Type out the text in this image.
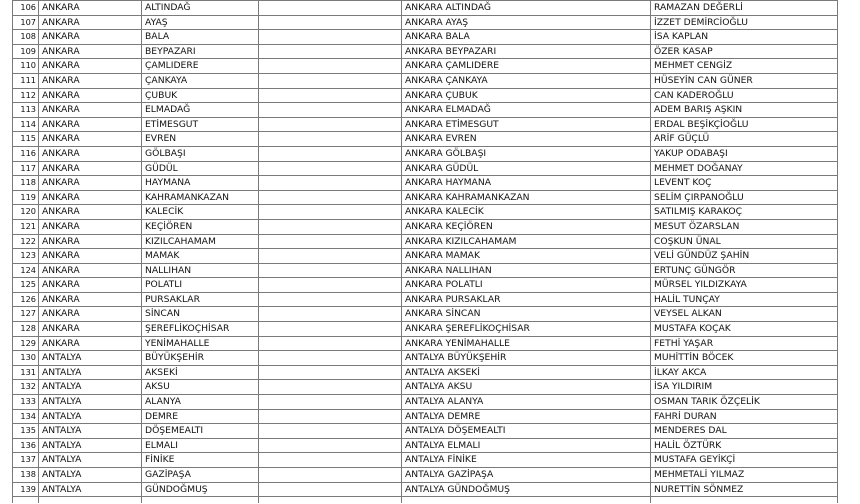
106	ANKARA	ALTINDAĞ		ANKARA ALTINDAĞ	RAMAZAN DEĞERLİ
107	ANKARA	AYAŞ		ANKARA AYAŞ	İZZET DEMİRCİOĞLU
108	ANKARA	BALA		ANKARA BALA	İSA KAPLAN
109	ANKARA	BEYPAZARI		ANKARA BEYPAZARI	ÖZER KASAP
110	ANKARA	ÇAMLIDERE		ANKARA ÇAMLIDERE	MEHMET CENGİZ
111	ANKARA	ÇANKAYA		ANKARA ÇANKAYA	HÜSEYİN CAN GÜNER
112	ANKARA	ÇUBUK		ANKARA ÇUBUK	CAN KADEROĞLU
113	ANKARA	ELMADAĞ		ANKARA ELMADAĞ	ADEM BARIŞ AŞKIN
114	ANKARA	ETİMESGUT		ANKARA ETİMESGUT	ERDAL BEŞİKÇİOĞLU
115	ANKARA	EVREN		ANKARA EVREN	ARİF GÜÇLÜ
116	ANKARA	GÖLBAŞI		ANKARA GÖLBAŞI	YAKUP ODABAŞI
117	ANKARA	GÜDÜL		ANKARA GÜDÜL	MEHMET DOĞANAY
118	ANKARA	HAYMANA		ANKARA HAYMANA	LEVENT KOÇ
119	ANKARA	KAHRAMANKAZAN		ANKARA KAHRAMANKAZAN	SELİM ÇIRPANOĞLU
120	ANKARA	KALECİK		ANKARA KALECİK	SATILMIŞ KARAKOÇ
121	ANKARA	KEÇİÖREN		ANKARA KEÇİÖREN	MESUT ÖZARSLAN
122	ANKARA	KIZILCAHAMAM		ANKARA KIZILCAHAMAM	COŞKUN ÜNAL
123	ANKARA	MAMAK		ANKARA MAMAK	VELİ GÜNDÜZ ŞAHİN
124	ANKARA	NALLIHAN		ANKARA NALLIHAN	ERTUNÇ GÜNGÖR
125	ANKARA	POLATLI		ANKARA POLATLI	MÜRSEL YILDIZKAYA
126	ANKARA	PURSAKLAR		ANKARA PURSAKLAR	HALİL TUNÇAY
127	ANKARA	SİNCAN		ANKARA SİNCAN	VEYSEL ALKAN
128	ANKARA	ŞEREFLİKOÇHİSAR		ANKARA ŞEREFLİKOÇHİSAR	MUSTAFA KOÇAK
129	ANKARA	YENİMAHALLE		ANKARA YENİMAHALLE	FETHİ YAŞAR
130	ANTALYA	BÜYÜKŞEHİR		ANTALYA BÜYÜKŞEHİR	MUHİTTİN BÖCEK
131	ANTALYA	AKSEKİ		ANTALYA AKSEKİ	İLKAY AKCA
132	ANTALYA	AKSU		ANTALYA AKSU	İSA YILDIRIM
133	ANTALYA	ALANYA		ANTALYA ALANYA	OSMAN TARIK ÖZÇELİK
134	ANTALYA	DEMRE		ANTALYA DEMRE	FAHRİ DURAN
135	ANTALYA	DÖŞEMEALTI		ANTALYA DÖŞEMEALTI	MENDERES DAL
136	ANTALYA	ELMALI		ANTALYA ELMALI	HALİL ÖZTÜRK
137	ANTALYA	FİNİKE		ANTALYA FİNİKE	MUSTAFA GEYİKÇİ
138	ANTALYA	GAZİPAŞA		ANTALYA GAZİPAŞA	MEHMETALİ YILMAZ
139	ANTALYA	GÜNDOĞMUŞ		ANTALYA GÜNDOĞMUŞ	NURETTİN SÖNMEZ
